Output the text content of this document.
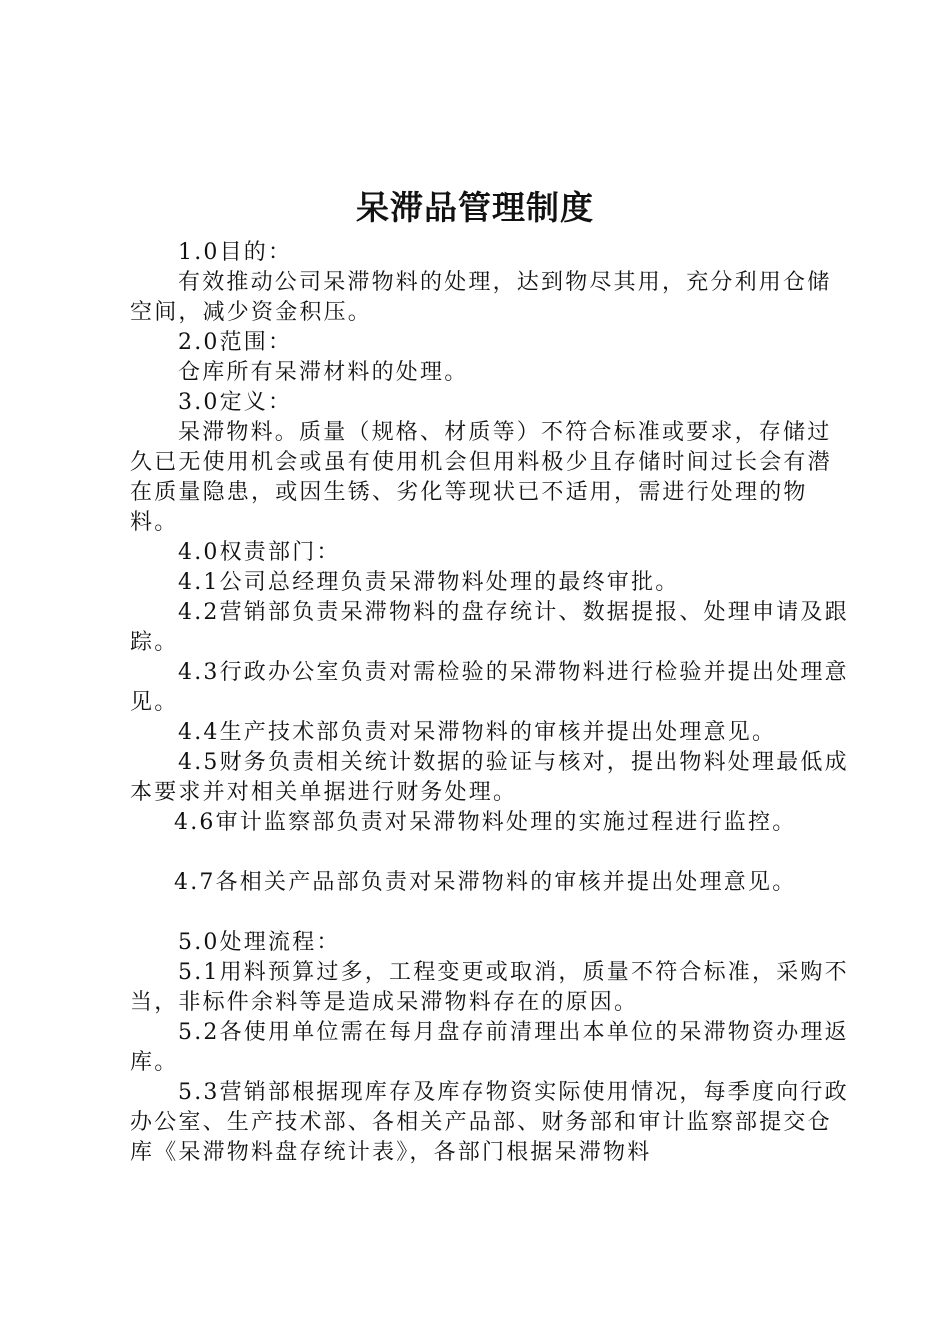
呆滞品管理制度

1.0目的：

有效推动公司呆滞物料的处理，达到物尽其用，充分利用仓储空间，减少资金积压。

2.0范围：

仓库所有呆滞材料的处理。

3.0定义：

呆滞物料。质量（规格、材质等）不符合标准或要求，存储过久已无使用机会或虽有使用机会但用料极少且存储时间过长会有潜在质量隐患，或因生锈、劣化等现状已不适用，需进行处理的物料。

4.0权责部门：

4.1公司总经理负责呆滞物料处理的最终审批。

4.2营销部负责呆滞物料的盘存统计、数据提报、处理申请及跟踪。

4.3行政办公室负责对需检验的呆滞物料进行检验并提出处理意见。

4.4生产技术部负责对呆滞物料的审核并提出处理意见。

4.5财务负责相关统计数据的验证与核对，提出物料处理最低成本要求并对相关单据进行财务处理。

4.6审计监察部负责对呆滞物料处理的实施过程进行监控。

4.7各相关产品部负责对呆滞物料的审核并提出处理意见。

5.0处理流程：

5.1用料预算过多，工程变更或取消，质量不符合标准，采购不当，非标件余料等是造成呆滞物料存在的原因。

5.2各使用单位需在每月盘存前清理出本单位的呆滞物资办理返库。

5.3营销部根据现库存及库存物资实际使用情况，每季度向行政办公室、生产技术部、各相关产品部、财务部和审计监察部提交仓库《呆滞物料盘存统计表》，各部门根据呆滞物料
